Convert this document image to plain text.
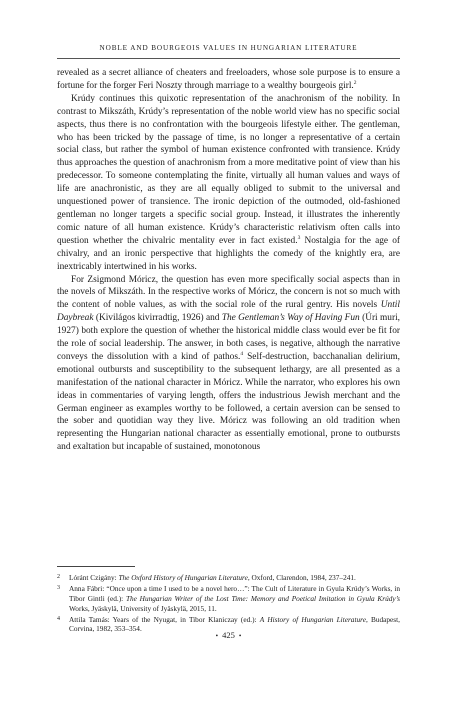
NOBLE AND BOURGEOIS VALUES IN HUNGARIAN LITERATURE

revealed as a secret alliance of cheaters and freeloaders, whose sole purpose is to ensure a fortune for the forger Feri Noszty through marriage to a wealthy bourgeois girl.$^2$

Krúdy continues this quixotic representation of the anachronism of the nobility. In contrast to Mikszáth, Krúdy’s representation of the noble world view has no specific social aspects, thus there is no confrontation with the bourgeois lifestyle either. The gentleman, who has been tricked by the passage of time, is no longer a representative of a certain social class, but rather the symbol of human existence confronted with transience. Krúdy thus approaches the question of anachronism from a more meditative point of view than his predecessor. To someone contemplating the finite, virtually all human values and ways of life are anachronistic, as they are all equally obliged to submit to the universal and unquestioned power of transience. The ironic depiction of the outmoded, old-fashioned gentleman no longer targets a specific social group. Instead, it illustrates the inherently comic nature of all human existence. Krúdy’s characteristic relativism often calls into question whether the chivalric mentality ever in fact existed.$^3$ Nostalgia for the age of chivalry, and an ironic perspective that highlights the comedy of the knightly era, are inextricably intertwined in his works.

For Zsigmond Móricz, the question has even more specifically social aspects than in the novels of Mikszáth. In the respective works of Móricz, the concern is not so much with the content of noble values, as with the social role of the rural gentry. His novels Until Daybreak (Kivilágos kivirradtig, 1926) and The Gentleman’s Way of Having Fun (Úri muri, 1927) both explore the question of whether the historical middle class would ever be fit for the role of social leadership. The answer, in both cases, is negative, although the narrative conveys the dissolution with a kind of pathos.$^4$ Self-destruction, bacchanalian delirium, emotional outbursts and susceptibility to the subsequent lethargy, are all presented as a manifestation of the national character in Móricz. While the narrator, who explores his own ideas in commentaries of varying length, offers the industrious Jewish merchant and the German engineer as examples worthy to be followed, a certain aversion can be sensed to the sober and quotidian way they live. Móricz was following an old tradition when representing the Hungarian national character as essentially emotional, prone to outbursts and exaltation but incapable of sustained, monotonous

2	Lóránt Czigány: The Oxford History of Hungarian Literature, Oxford, Clarendon, 1984, 237–241.
3	Anna Fábri: “Once upon a time I used to be a novel hero…”: The Cult of Literature in Gyula Krúdy’s Works, in Tibor Gintli (ed.): The Hungarian Writer of the Lost Time: Memory and Poetical Imitation in Gyula Krúdy’s Works, Jyäskylä, University of Jyäskylä, 2015, 11.
4	Attila Tamás: Years of the Nyugat, in Tibor Klaniczay (ed.): A History of Hungarian Literature, Budapest, Corvina, 1982, 353–354.
• 425 •
